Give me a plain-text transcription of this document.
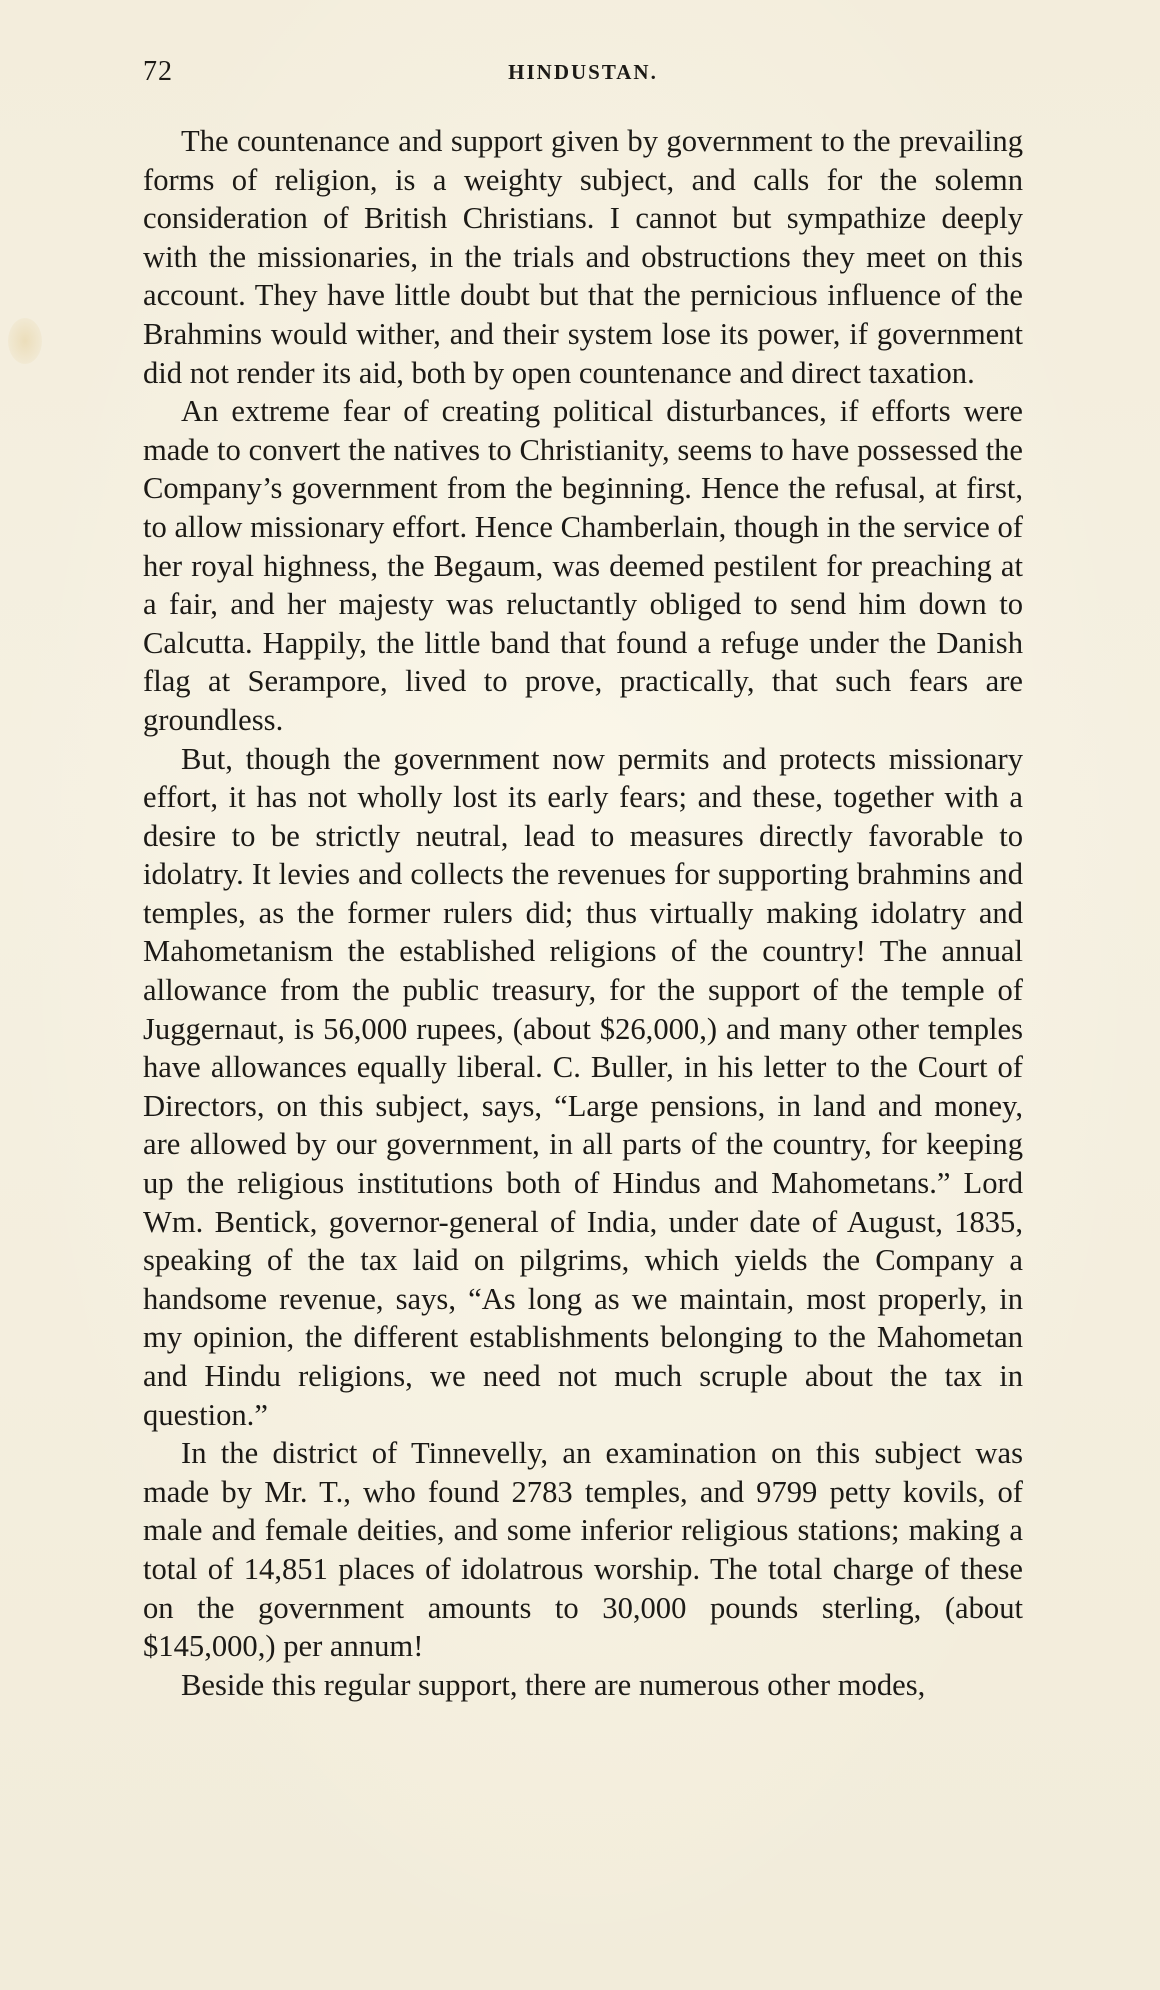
72	HINDUSTAN.

The countenance and support given by government to the prevailing forms of religion, is a weighty subject, and calls for the solemn consideration of British Christians. I cannot but sympathize deeply with the missionaries, in the trials and obstructions they meet on this account. They have little doubt but that the pernicious influence of the Brahmins would wither, and their system lose its power, if government did not render its aid, both by open countenance and direct taxation.

An extreme fear of creating political disturbances, if efforts were made to convert the natives to Christianity, seems to have possessed the Company’s government from the beginning. Hence the refusal, at first, to allow missionary effort. Hence Chamberlain, though in the service of her royal highness, the Begaum, was deemed pestilent for preaching at a fair, and her majesty was reluctantly obliged to send him down to Calcutta. Happily, the little band that found a refuge under the Danish flag at Serampore, lived to prove, practically, that such fears are groundless.

But, though the government now permits and protects missionary effort, it has not wholly lost its early fears; and these, together with a desire to be strictly neutral, lead to measures directly favorable to idolatry. It levies and collects the revenues for supporting brahmins and temples, as the former rulers did; thus virtually making idolatry and Mahometanism the established religions of the country! The annual allowance from the public treasury, for the support of the temple of Juggernaut, is 56,000 rupees, (about $26,000,) and many other temples have allowances equally liberal. C. Buller, in his letter to the Court of Directors, on this subject, says, “Large pensions, in land and money, are allowed by our government, in all parts of the country, for keeping up the religious institutions both of Hindus and Mahometans.” Lord Wm. Bentick, governor-general of India, under date of August, 1835, speaking of the tax laid on pilgrims, which yields the Company a handsome revenue, says, “As long as we maintain, most properly, in my opinion, the different establishments belonging to the Mahometan and Hindu religions, we need not much scruple about the tax in question.”

In the district of Tinnevelly, an examination on this subject was made by Mr. T., who found 2783 temples, and 9799 petty kovils, of male and female deities, and some inferior religious stations; making a total of 14,851 places of idolatrous worship. The total charge of these on the government amounts to 30,000 pounds sterling, (about $145,000,) per annum!

Beside this regular support, there are numerous other modes,
